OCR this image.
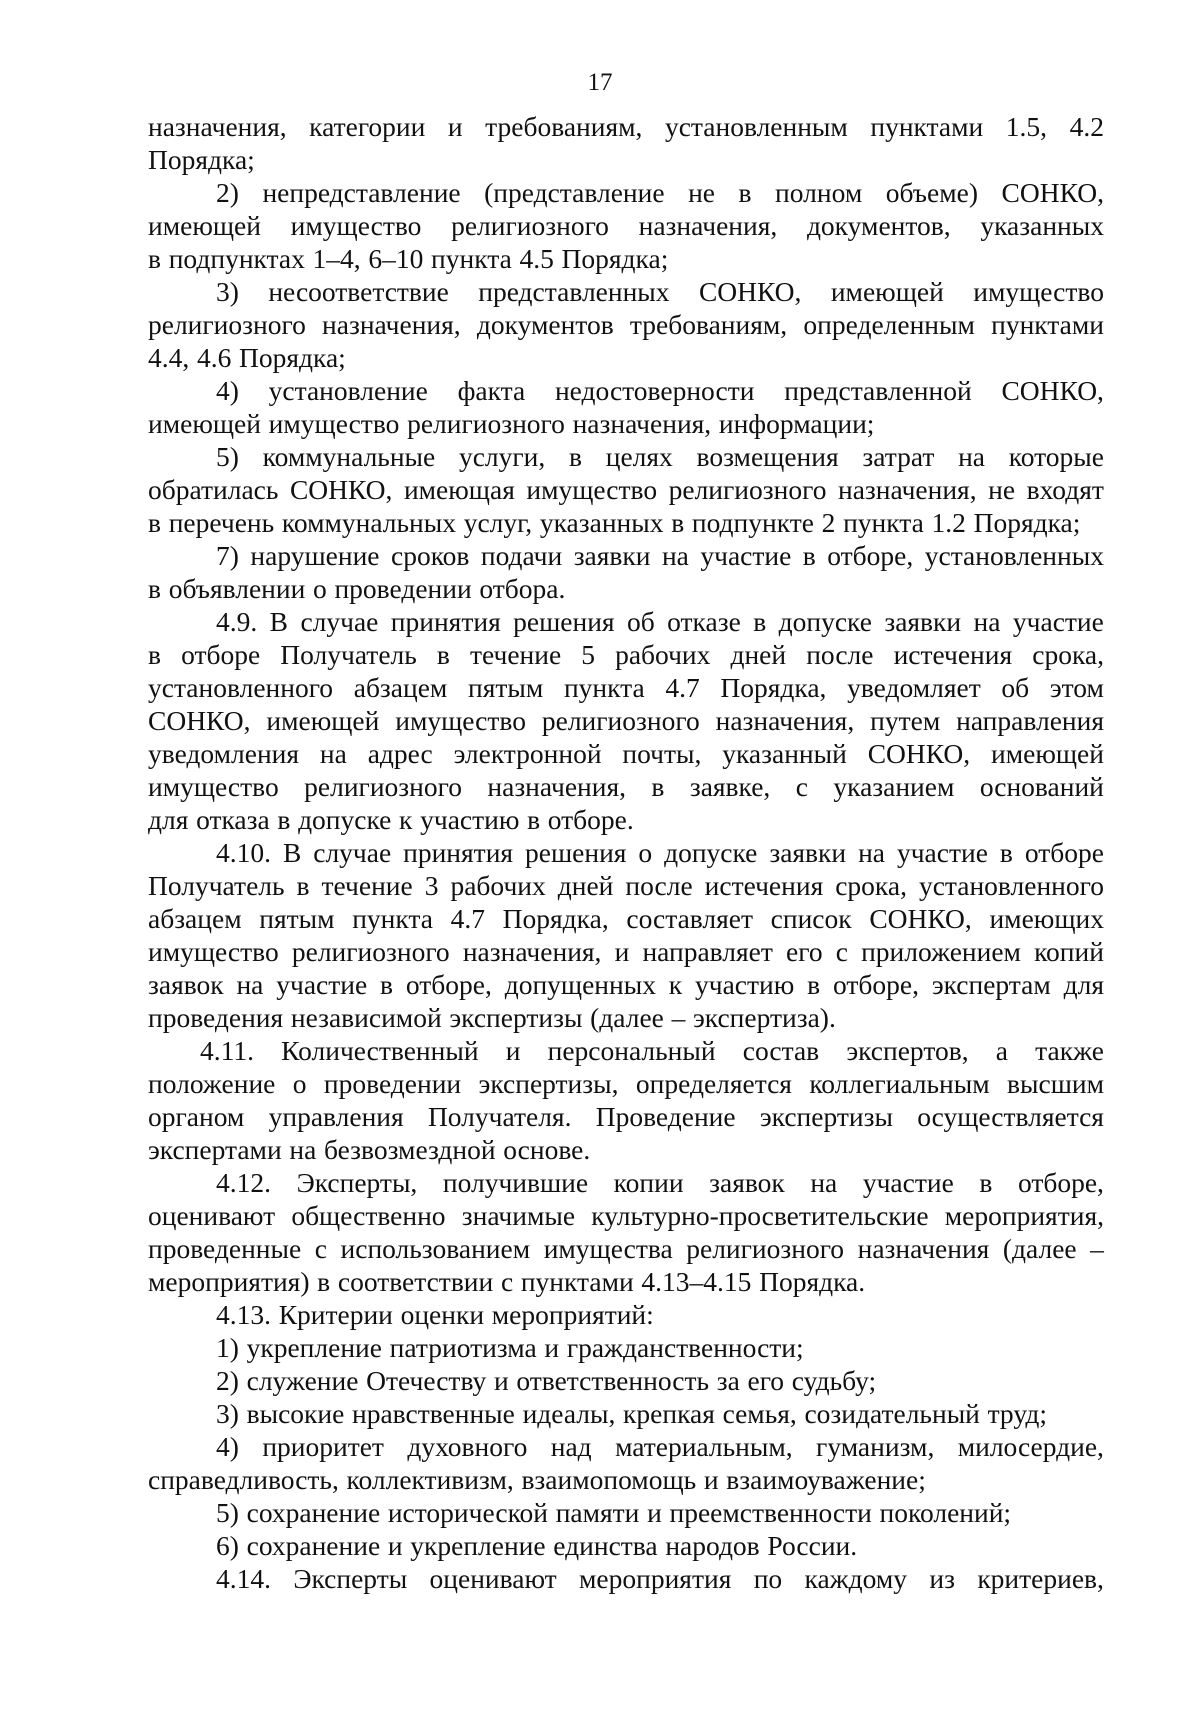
17
назначения, категории и требованиям, установленным пунктами 1.5, 4.2
Порядка;
2) непредставление (представление не в полном объеме) СОНКО,
имеющей имущество религиозного назначения, документов, указанных
в подпунктах 1–4, 6–10 пункта 4.5 Порядка;
3) несоответствие представленных СОНКО, имеющей имущество
религиозного назначения, документов требованиям, определенным пунктами
4.4, 4.6 Порядка;
4) установление факта недостоверности представленной СОНКО,
имеющей имущество религиозного назначения, информации;
5) коммунальные услуги, в целях возмещения затрат на которые
обратилась СОНКО, имеющая имущество религиозного назначения, не входят
в перечень коммунальных услуг, указанных в подпункте 2 пункта 1.2 Порядка;
7) нарушение сроков подачи заявки на участие в отборе, установленных
в объявлении о проведении отбора.
4.9. В случае принятия решения об отказе в допуске заявки на участие
в отборе Получатель в течение 5 рабочих дней после истечения срока,
установленного абзацем пятым пункта 4.7 Порядка, уведомляет об этом
СОНКО, имеющей имущество религиозного назначения, путем направления
уведомления на адрес электронной почты, указанный СОНКО, имеющей
имущество религиозного назначения, в заявке, с указанием оснований
для отказа в допуске к участию в отборе.
4.10. В случае принятия решения о допуске заявки на участие в отборе
Получатель в течение 3 рабочих дней после истечения срока, установленного
абзацем пятым пункта 4.7 Порядка, составляет список СОНКО, имеющих
имущество религиозного назначения, и направляет его с приложением копий
заявок на участие в отборе, допущенных к участию в отборе, экспертам для
проведения независимой экспертизы (далее – экспертиза).
4.11. Количественный и персональный состав экспертов, а также
положение о проведении экспертизы, определяется коллегиальным высшим
органом управления Получателя. Проведение экспертизы осуществляется
экспертами на безвозмездной основе.
4.12. Эксперты, получившие копии заявок на участие в отборе,
оценивают общественно значимые культурно-просветительские мероприятия,
проведенные с использованием имущества религиозного назначения (далее –
мероприятия) в соответствии с пунктами 4.13–4.15 Порядка.
4.13. Критерии оценки мероприятий:
1) укрепление патриотизма и гражданственности;
2) служение Отечеству и ответственность за его судьбу;
3) высокие нравственные идеалы, крепкая семья, созидательный труд;
4) приоритет духовного над материальным, гуманизм, милосердие,
справедливость, коллективизм, взаимопомощь и взаимоуважение;
5) сохранение исторической памяти и преемственности поколений;
6) сохранение и укрепление единства народов России.
4.14. Эксперты оценивают мероприятия по каждому из критериев,
